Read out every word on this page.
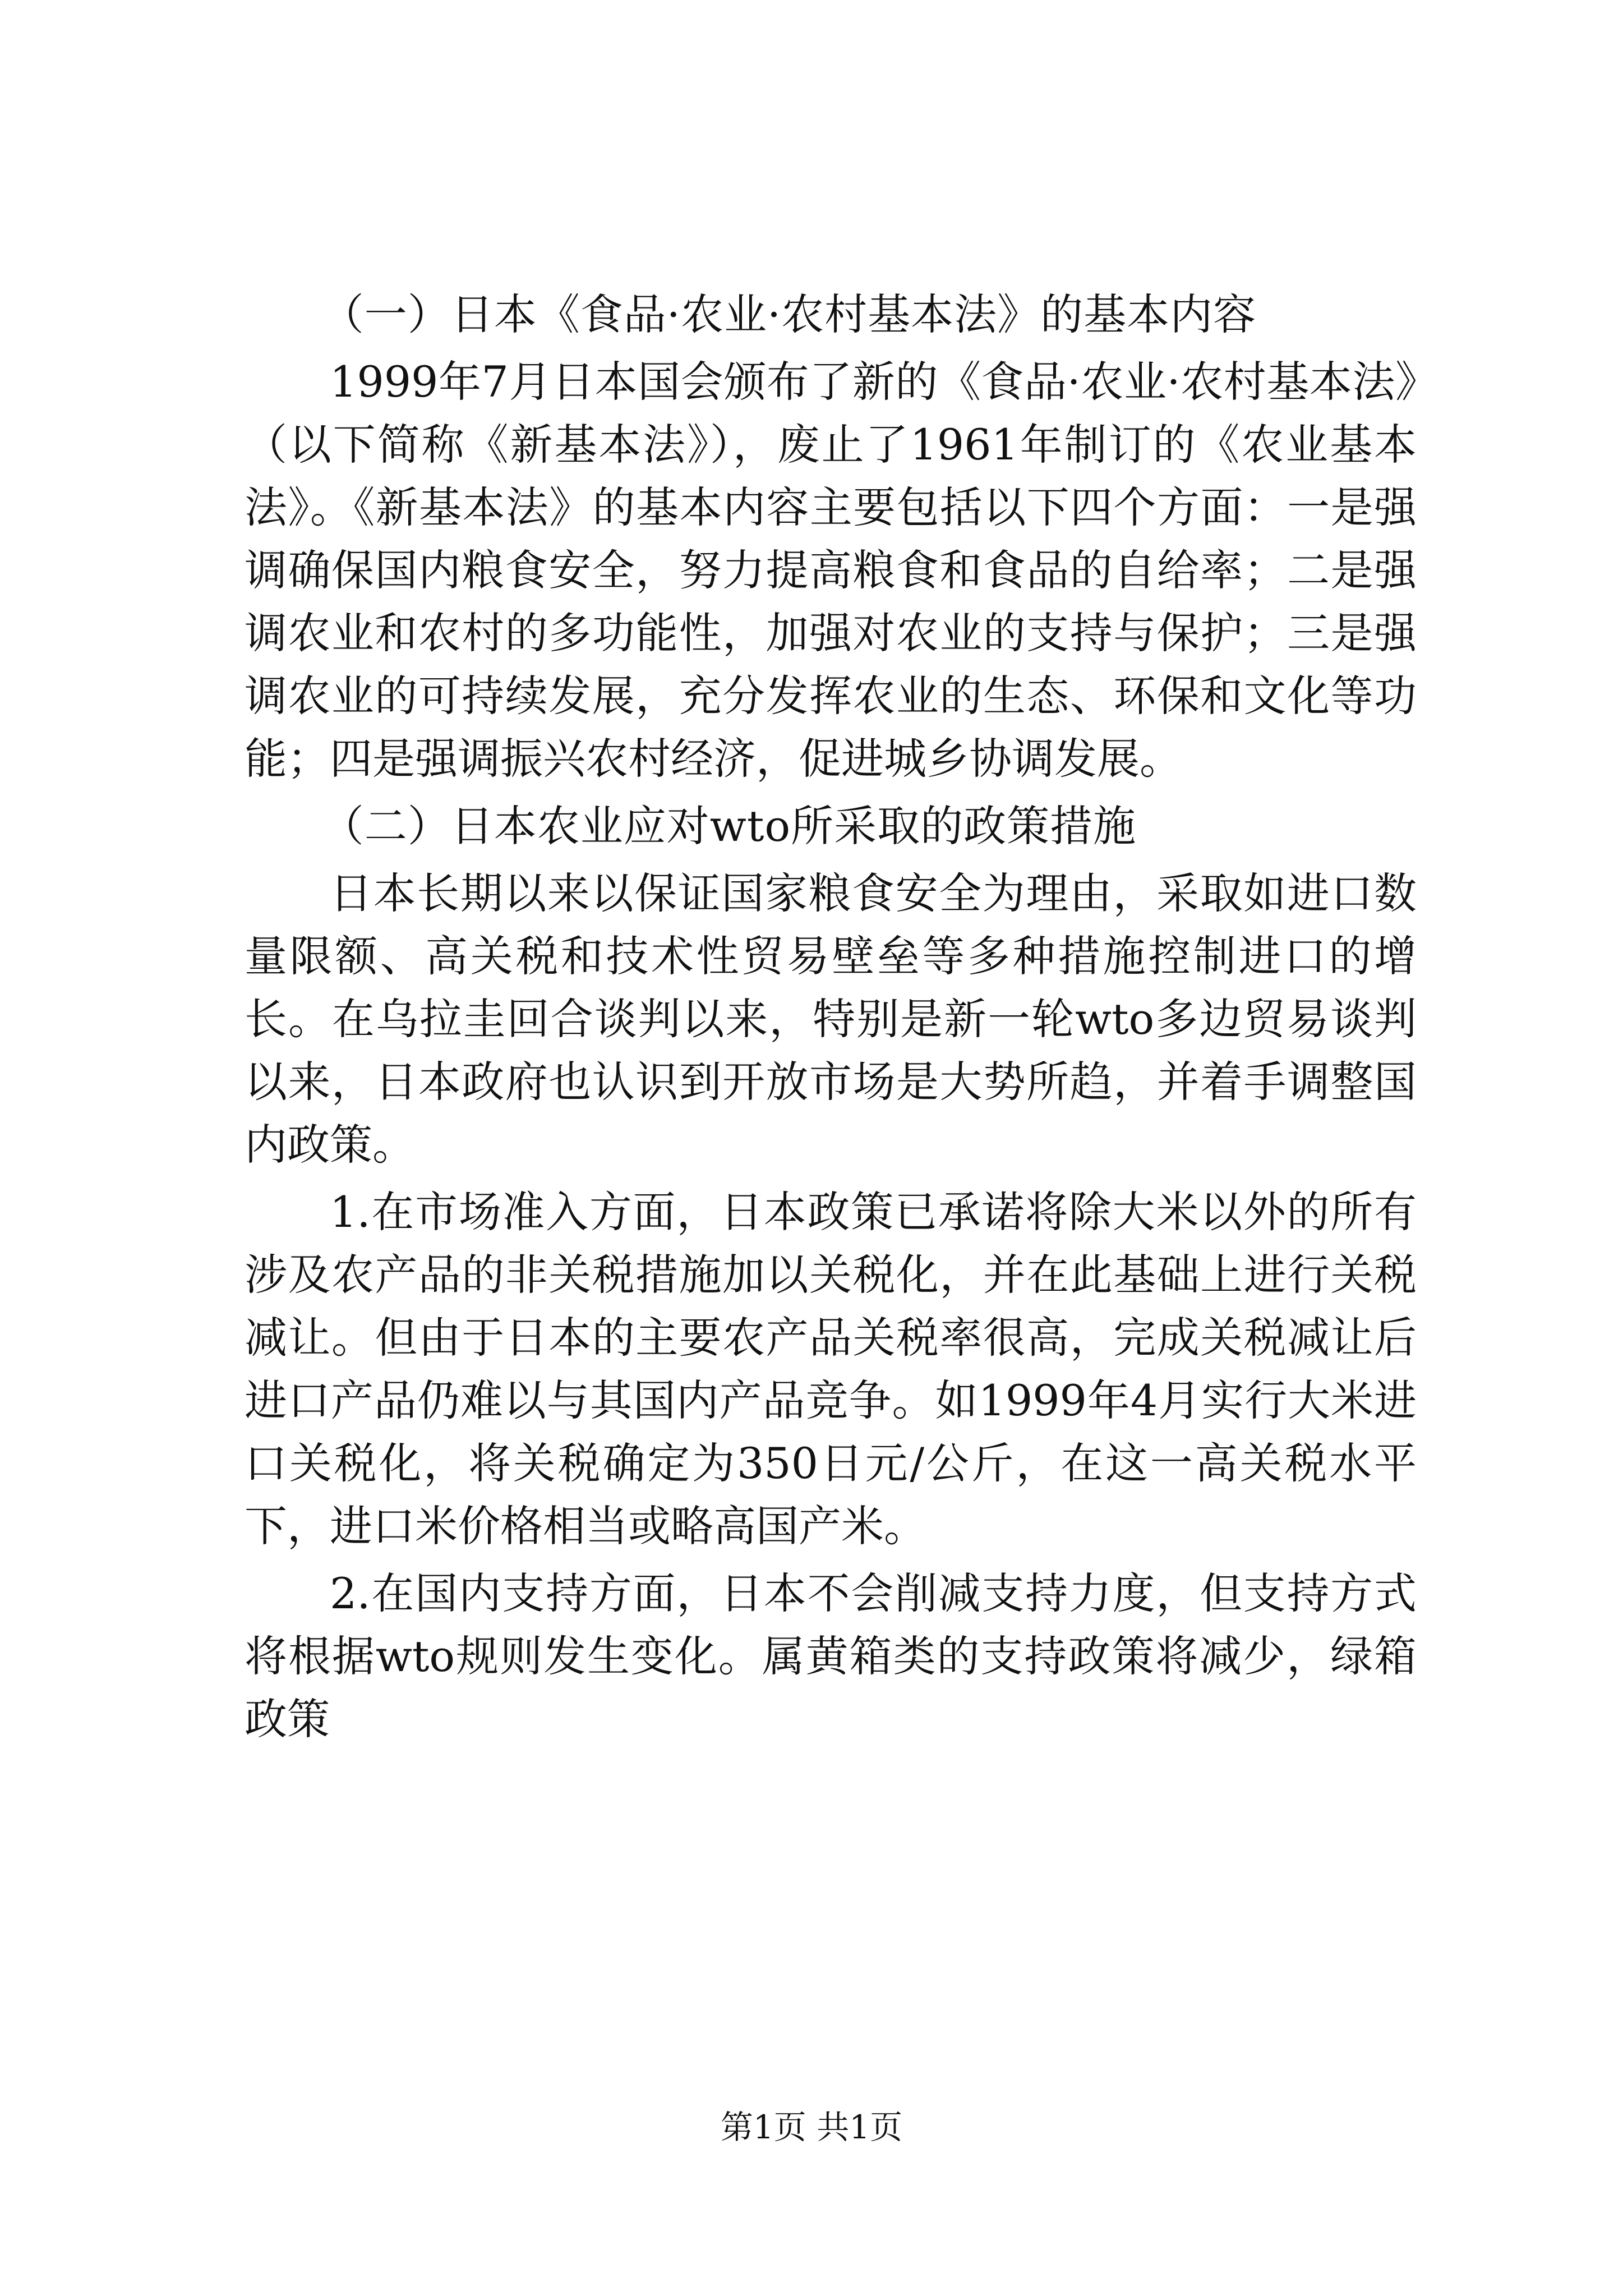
（一）日本《食品·农业·农村基本法》的基本内容

1999年7月日本国会颁布了新的《食品·农业·农村基本法》（以下简称《新基本法》），废止了1961年制订的《农业基本法》。《新基本法》的基本内容主要包括以下四个方面：一是强调确保国内粮食安全，努力提高粮食和食品的自给率；二是强调农业和农村的多功能性，加强对农业的支持与保护；三是强调农业的可持续发展，充分发挥农业的生态、环保和文化等功能；四是强调振兴农村经济，促进城乡协调发展。

（二）日本农业应对wto所采取的政策措施

日本长期以来以保证国家粮食安全为理由，采取如进口数量限额、高关税和技术性贸易壁垒等多种措施控制进口的增长。在乌拉圭回合谈判以来，特别是新一轮wto多边贸易谈判以来，日本政府也认识到开放市场是大势所趋，并着手调整国内政策。

1.在市场准入方面，日本政策已承诺将除大米以外的所有涉及农产品的非关税措施加以关税化，并在此基础上进行关税减让。但由于日本的主要农产品关税率很高，完成关税减让后进口产品仍难以与其国内产品竞争。如1999年4月实行大米进口关税化，将关税确定为350日元/公斤，在这一高关税水平下，进口米价格相当或略高国产米。

2.在国内支持方面，日本不会削减支持力度，但支持方式将根据wto规则发生变化。属黄箱类的支持政策将减少，绿箱政策

第1页 共1页
